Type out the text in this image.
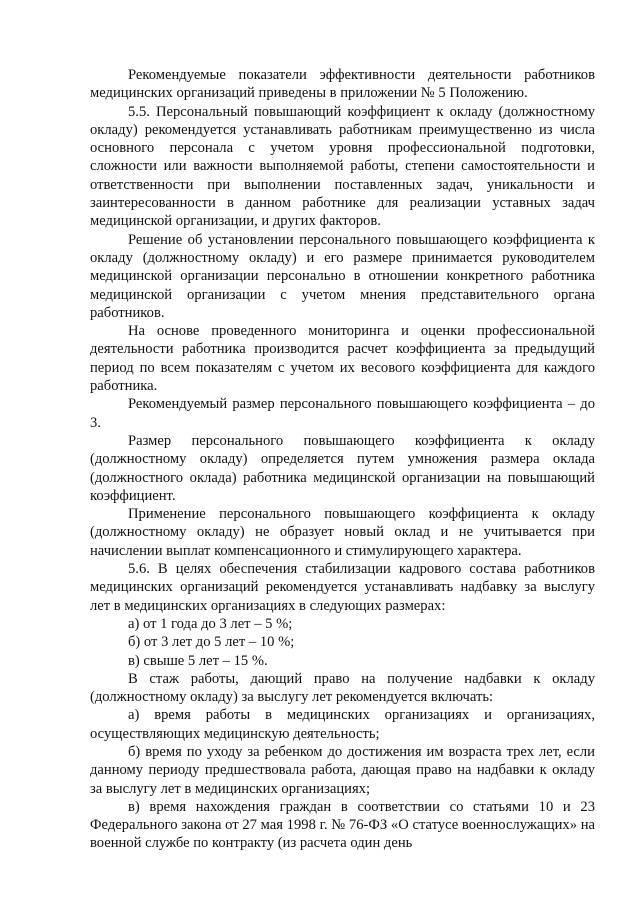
Рекомендуемые показатели эффективности деятельности работников медицинских организаций приведены в приложении № 5 Положению.

5.5. Персональный повышающий коэффициент к окладу (должностному окладу) рекомендуется устанавливать работникам преимущественно из числа основного персонала с учетом уровня профессиональной подготовки, сложности или важности выполняемой работы, степени самостоятельности и ответственности при выполнении поставленных задач, уникальности и заинтересованности в данном работнике для реализации уставных задач медицинской организации, и других факторов.

Решение об установлении персонального повышающего коэффициента к окладу (должностному окладу) и его размере принимается руководителем медицинской организации персонально в отношении конкретного работника медицинской организации с учетом мнения представительного органа работников.

На основе проведенного мониторинга и оценки профессиональной деятельности работника производится расчет коэффициента за предыдущий период по всем показателям с учетом их весового коэффициента для каждого работника.

Рекомендуемый размер персонального повышающего коэффициента – до 3.

Размер персонального повышающего коэффициента к окладу (должностному окладу) определяется путем умножения размера оклада (должностного оклада) работника медицинской организации на повышающий коэффициент.

Применение персонального повышающего коэффициента к окладу (должностному окладу) не образует новый оклад и не учитывается при начислении выплат компенсационного и стимулирующего характера.

5.6. В целях обеспечения стабилизации кадрового состава работников медицинских организаций рекомендуется устанавливать надбавку за выслугу лет в медицинских организациях в следующих размерах:

а) от 1 года до 3 лет – 5 %;

б) от 3 лет до 5 лет – 10 %;

в) свыше 5 лет – 15 %.

В стаж работы, дающий право на получение надбавки к окладу (должностному окладу) за выслугу лет рекомендуется включать:

а) время работы в медицинских организациях и организациях, осуществляющих медицинскую деятельность;

б) время по уходу за ребенком до достижения им возраста трех лет, если данному периоду предшествовала работа, дающая право на надбавки к окладу за выслугу лет в медицинских организациях;

в) время нахождения граждан в соответствии со статьями 10 и 23 Федерального закона от 27 мая 1998 г. № 76-ФЗ «О статусе военнослужащих» на военной службе по контракту (из расчета один день
